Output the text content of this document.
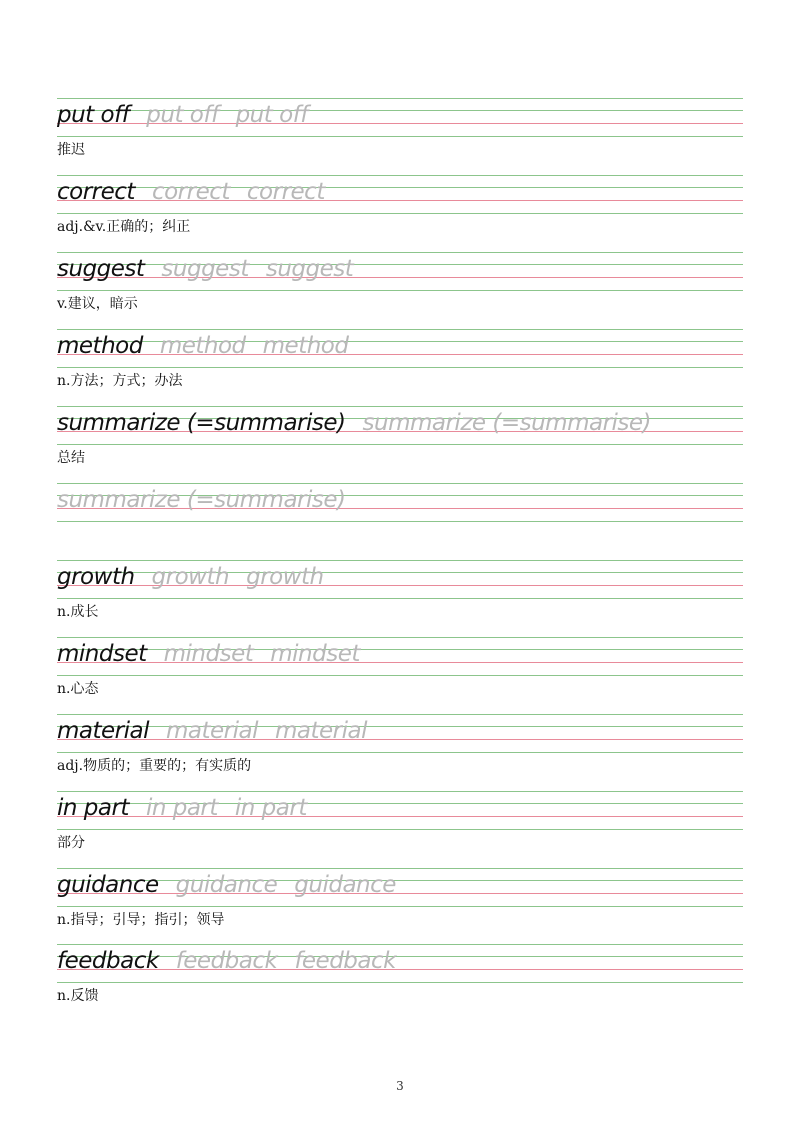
3
put off put off put off
推迟
correct correct correct
adj.&v.正确的；纠正
suggest suggest suggest
v.建议，暗示
method method method
n.方法；方式；办法
summarize (=summarise) summarize (=summarise)
总结
summarize (=summarise)
growth growth growth
n.成长
mindset mindset mindset
n.心态
material material material
adj.物质的；重要的；有实质的
in part in part in part
部分
guidance guidance guidance
n.指导；引导；指引；领导
feedback feedback feedback
n.反馈
